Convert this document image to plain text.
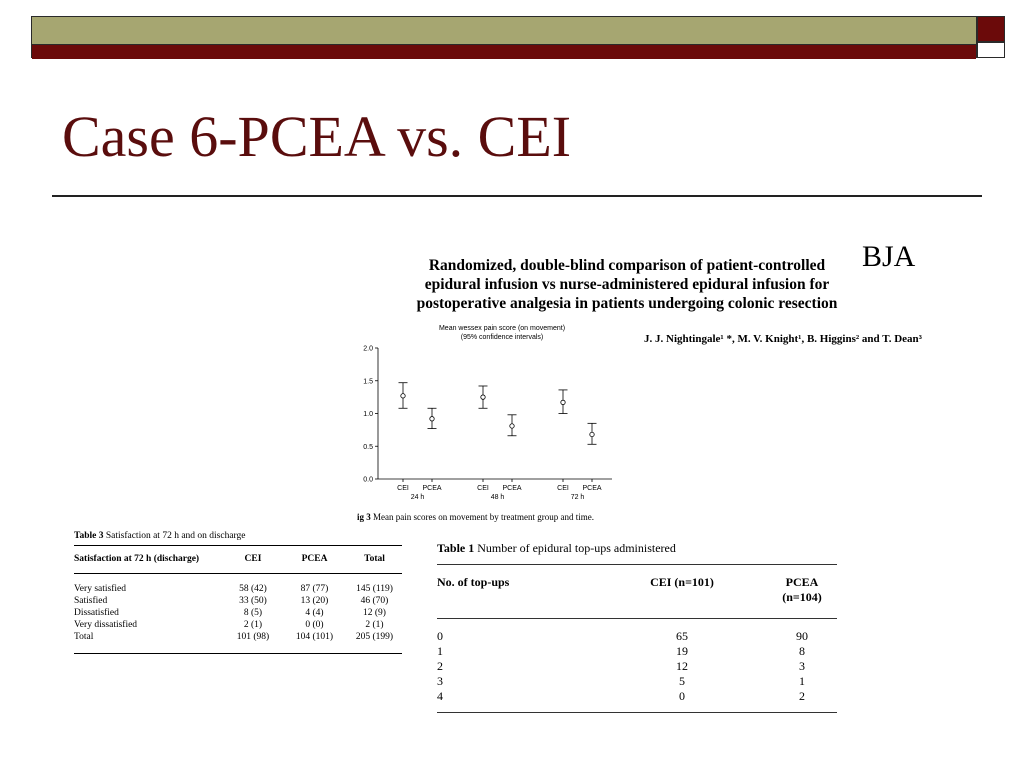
Case 6-PCEA vs. CEI
Randomized, double-blind comparison of patient-controlled
epidural infusion vs nurse-administered epidural infusion for
postoperative analgesia in patients undergoing colonic resection
BJA
J. J. Nightingale¹ *, M. V. Knight¹, B. Higgins² and T. Dean³
Mean wessex pain score (on movement)
(95% confidence intervals)
0.0
0.5
1.0
1.5
2.0
CEI PCEA
24 h
CEI PCEA
48 h
CEI PCEA
72 h
ig 3 Mean pain scores on movement by treatment group and time.
Table 3 Satisfaction at 72 h and on discharge
Satisfaction at 72 h (discharge)	CEI	PCEA	Total
Very satisfied	58 (42)	87 (77)	145 (119)
Satisfied	33 (50)	13 (20)	46 (70)
Dissatisfied	8 (5)	4 (4)	12 (9)
Very dissatisfied	2 (1)	0 (0)	2 (1)
Total	101 (98)	104 (101)	205 (199)
Table 1 Number of epidural top-ups administered
No. of top-ups	CEI (n=101)	PCEA (n=104)
0	65	90
1	19	8
2	12	3
3	5	1
4	0	2
